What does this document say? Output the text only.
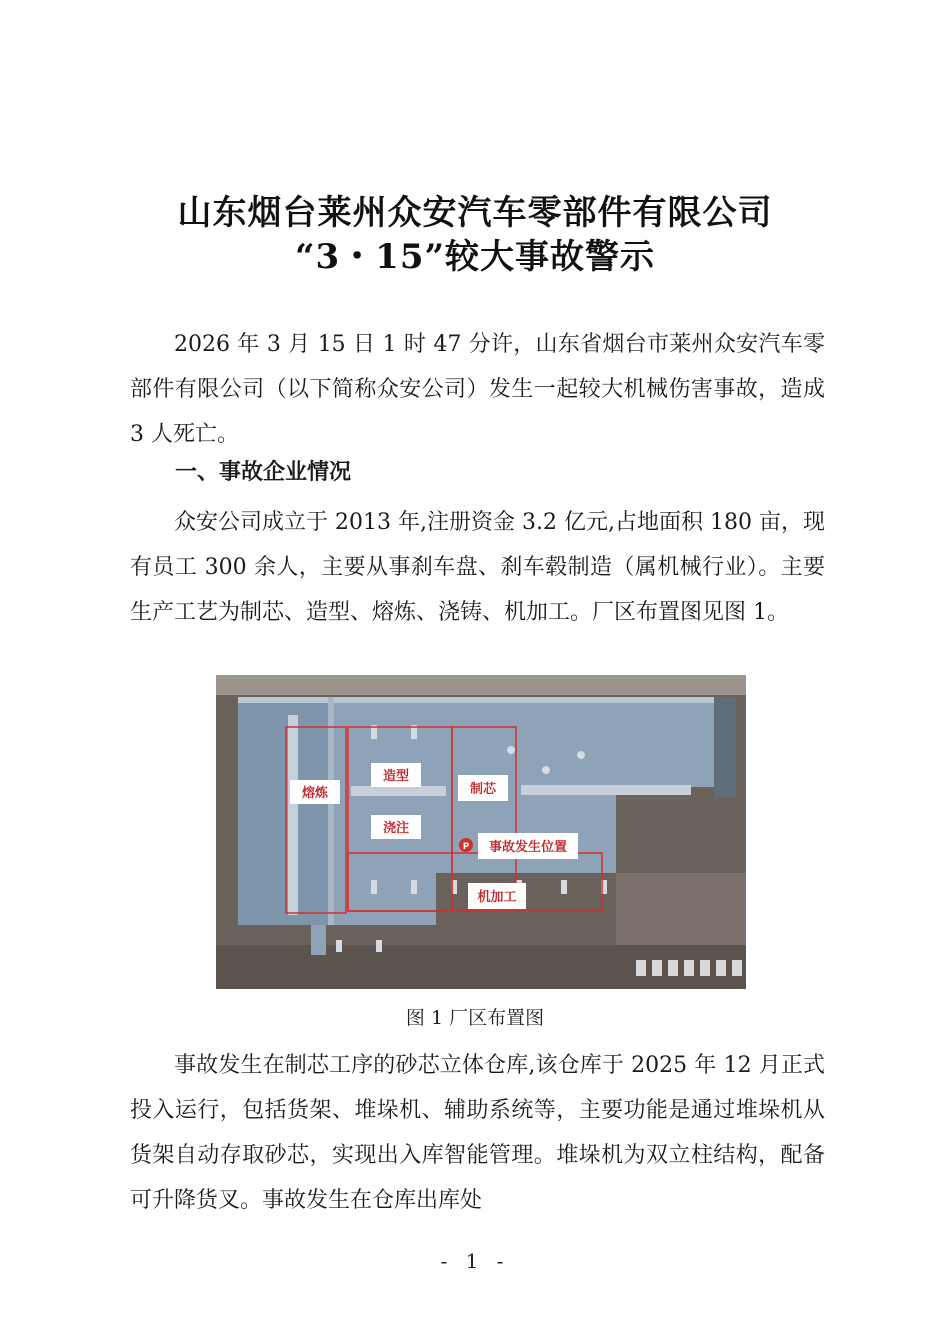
山东烟台莱州众安汽车零部件有限公司
“3・15”较大事故警示

2026 年 3 月 15 日 1 时 47 分许，山东省烟台市莱州众安汽车零部件有限公司（以下简称众安公司）发生一起较大机械伤害事故，造成 3 人死亡。

一、事故企业情况

众安公司成立于 2013 年,注册资金 3.2 亿元,占地面积 180 亩，现有员工 300 余人，主要从事刹车盘、刹车毂制造（属机械行业）。主要生产工艺为制芯、造型、熔炼、浇铸、机加工。厂区布置图见图 1。

熔炼
造型
浇注
制芯
P 事故发生位置
机加工
图 1 厂区布置图

事故发生在制芯工序的砂芯立体仓库,该仓库于 2025 年 12 月正式投入运行，包括货架、堆垛机、辅助系统等，主要功能是通过堆垛机从货架自动存取砂芯，实现出入库智能管理。堆垛机为双立柱结构，配备可升降货叉。事故发生在仓库出库处

- 1 -
